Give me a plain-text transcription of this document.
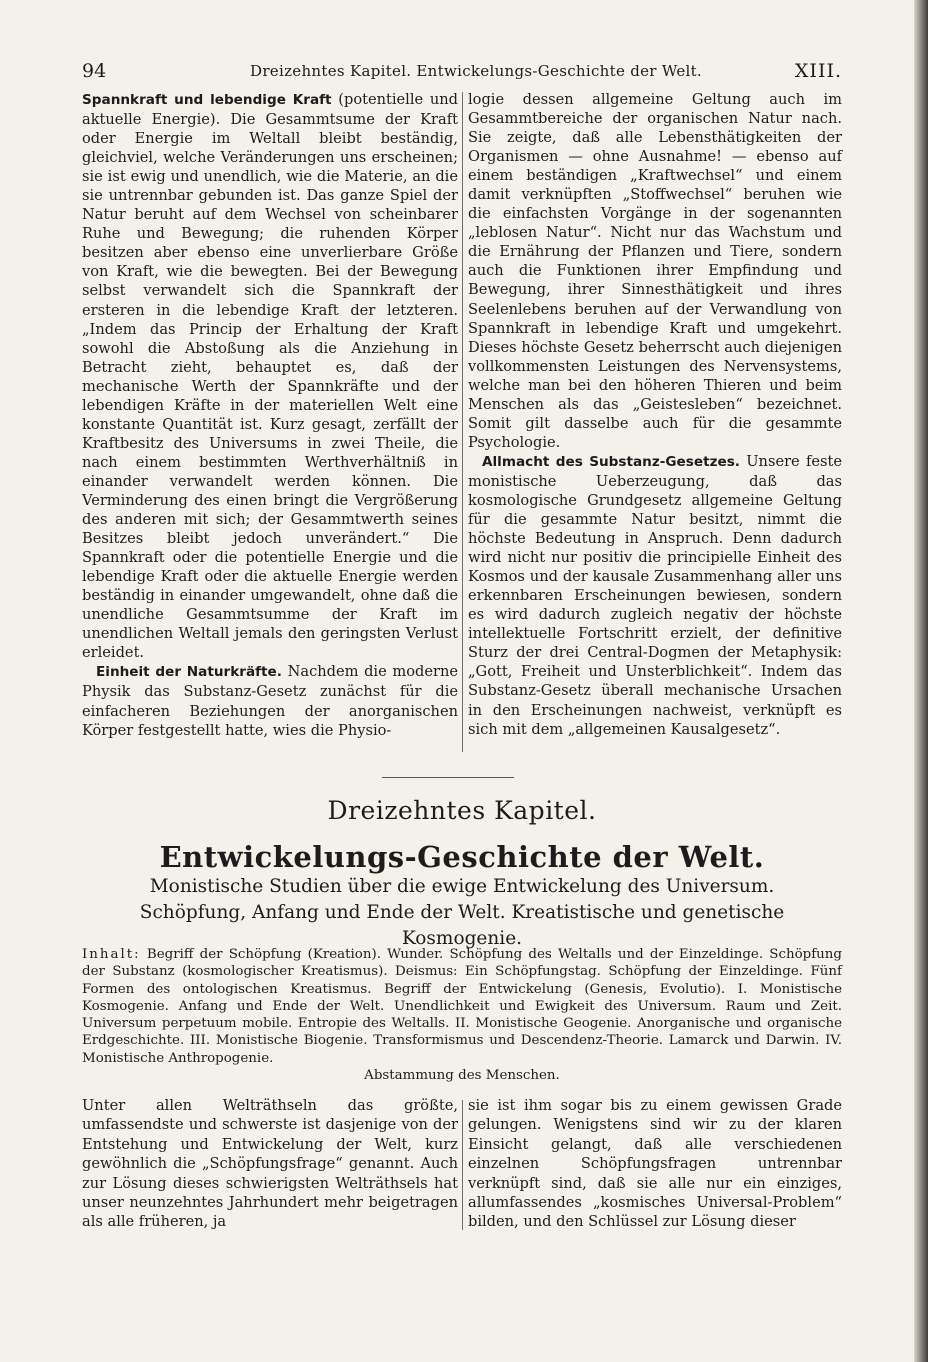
94	Dreizehntes Kapitel. Entwickelungs-Geschichte der Welt.	XIII.

Spannkraft und lebendige Kraft (potentielle und aktuelle Energie). Die Gesammtsume der Kraft oder Energie im Weltall bleibt beständig, gleichviel, welche Veränderungen uns erscheinen; sie ist ewig und unendlich, wie die Materie, an die sie untrennbar gebunden ist. Das ganze Spiel der Natur beruht auf dem Wechsel von scheinbarer Ruhe und Bewegung; die ruhenden Körper besitzen aber ebenso eine unverlierbare Größe von Kraft, wie die bewegten. Bei der Bewegung selbst verwandelt sich die Spannkraft der ersteren in die lebendige Kraft der letzteren. „Indem das Princip der Erhaltung der Kraft sowohl die Abstoßung als die Anziehung in Betracht zieht, behauptet es, daß der mechanische Werth der Spannkräfte und der lebendigen Kräfte in der materiellen Welt eine konstante Quantität ist. Kurz gesagt, zerfällt der Kraftbesitz des Universums in zwei Theile, die nach einem bestimmten Werthverhältniß in einander verwandelt werden können. Die Verminderung des einen bringt die Vergrößerung des anderen mit sich; der Gesammtwerth seines Besitzes bleibt jedoch unverändert.“ Die Spannkraft oder die potentielle Energie und die lebendige Kraft oder die aktuelle Energie werden beständig in einander umgewandelt, ohne daß die unendliche Gesammtsumme der Kraft im unendlichen Weltall jemals den geringsten Verlust erleidet.

Einheit der Naturkräfte. Nachdem die moderne Physik das Substanz-Gesetz zunächst für die einfacheren Beziehungen der anorganischen Körper festgestellt hatte, wies die Physio-

logie dessen allgemeine Geltung auch im Gesammtbereiche der organischen Natur nach. Sie zeigte, daß alle Lebensthätigkeiten der Organismen — ohne Ausnahme! — ebenso auf einem beständigen „Kraftwechsel“ und einem damit verknüpften „Stoffwechsel“ beruhen wie die einfachsten Vorgänge in der sogenannten „leblosen Natur“. Nicht nur das Wachstum und die Ernährung der Pflanzen und Tiere, sondern auch die Funktionen ihrer Empfindung und Bewegung, ihrer Sinnesthätigkeit und ihres Seelenlebens beruhen auf der Verwandlung von Spannkraft in lebendige Kraft und umgekehrt. Dieses höchste Gesetz beherrscht auch diejenigen vollkommensten Leistungen des Nervensystems, welche man bei den höheren Thieren und beim Menschen als das „Geistesleben“ bezeichnet. Somit gilt dasselbe auch für die gesammte Psychologie.

Allmacht des Substanz-Gesetzes. Unsere feste monistische Ueberzeugung, daß das kosmologische Grundgesetz allgemeine Geltung für die gesammte Natur besitzt, nimmt die höchste Bedeutung in Anspruch. Denn dadurch wird nicht nur positiv die principielle Einheit des Kosmos und der kausale Zusammenhang aller uns erkennbaren Erscheinungen bewiesen, sondern es wird dadurch zugleich negativ der höchste intellektuelle Fortschritt erzielt, der definitive Sturz der drei Central-Dogmen der Metaphysik: „Gott, Freiheit und Unsterblichkeit“. Indem das Substanz-Gesetz überall mechanische Ursachen in den Erscheinungen nachweist, verknüpft es sich mit dem „allgemeinen Kausalgesetz“.

Dreizehntes Kapitel.
Entwickelungs-Geschichte der Welt.
Monistische Studien über die ewige Entwickelung des Universum. Schöpfung, Anfang und Ende der Welt. Kreatistische und genetische Kosmogenie.
Inhalt: Begriff der Schöpfung (Kreation). Wunder. Schöpfung des Weltalls und der Einzeldinge. Schöpfung der Substanz (kosmologischer Kreatismus). Deismus: Ein Schöpfungstag. Schöpfung der Einzeldinge. Fünf Formen des ontologischen Kreatismus. Begriff der Entwickelung (Genesis, Evolutio). I. Monistische Kosmogenie. Anfang und Ende der Welt. Unendlichkeit und Ewigkeit des Universum. Raum und Zeit. Universum perpetuum mobile. Entropie des Weltalls. II. Monistische Geogenie. Anorganische und organische Erdgeschichte. III. Monistische Biogenie. Transformismus und Descendenz-Theorie. Lamarck und Darwin. IV. Monistische Anthropogenie.
Abstammung des Menschen.

Unter allen Welträthseln das größte, umfassendste und schwerste ist dasjenige von der Entstehung und Entwickelung der Welt, kurz gewöhnlich die „Schöpfungsfrage“ genannt. Auch zur Lösung dieses schwierigsten Welträthsels hat unser neunzehntes Jahrhundert mehr beigetragen als alle früheren, ja

sie ist ihm sogar bis zu einem gewissen Grade gelungen. Wenigstens sind wir zu der klaren Einsicht gelangt, daß alle verschiedenen einzelnen Schöpfungsfragen untrennbar verknüpft sind, daß sie alle nur ein einziges, allumfassendes „kosmisches Universal-Problem“ bilden, und den Schlüssel zur Lösung dieser
